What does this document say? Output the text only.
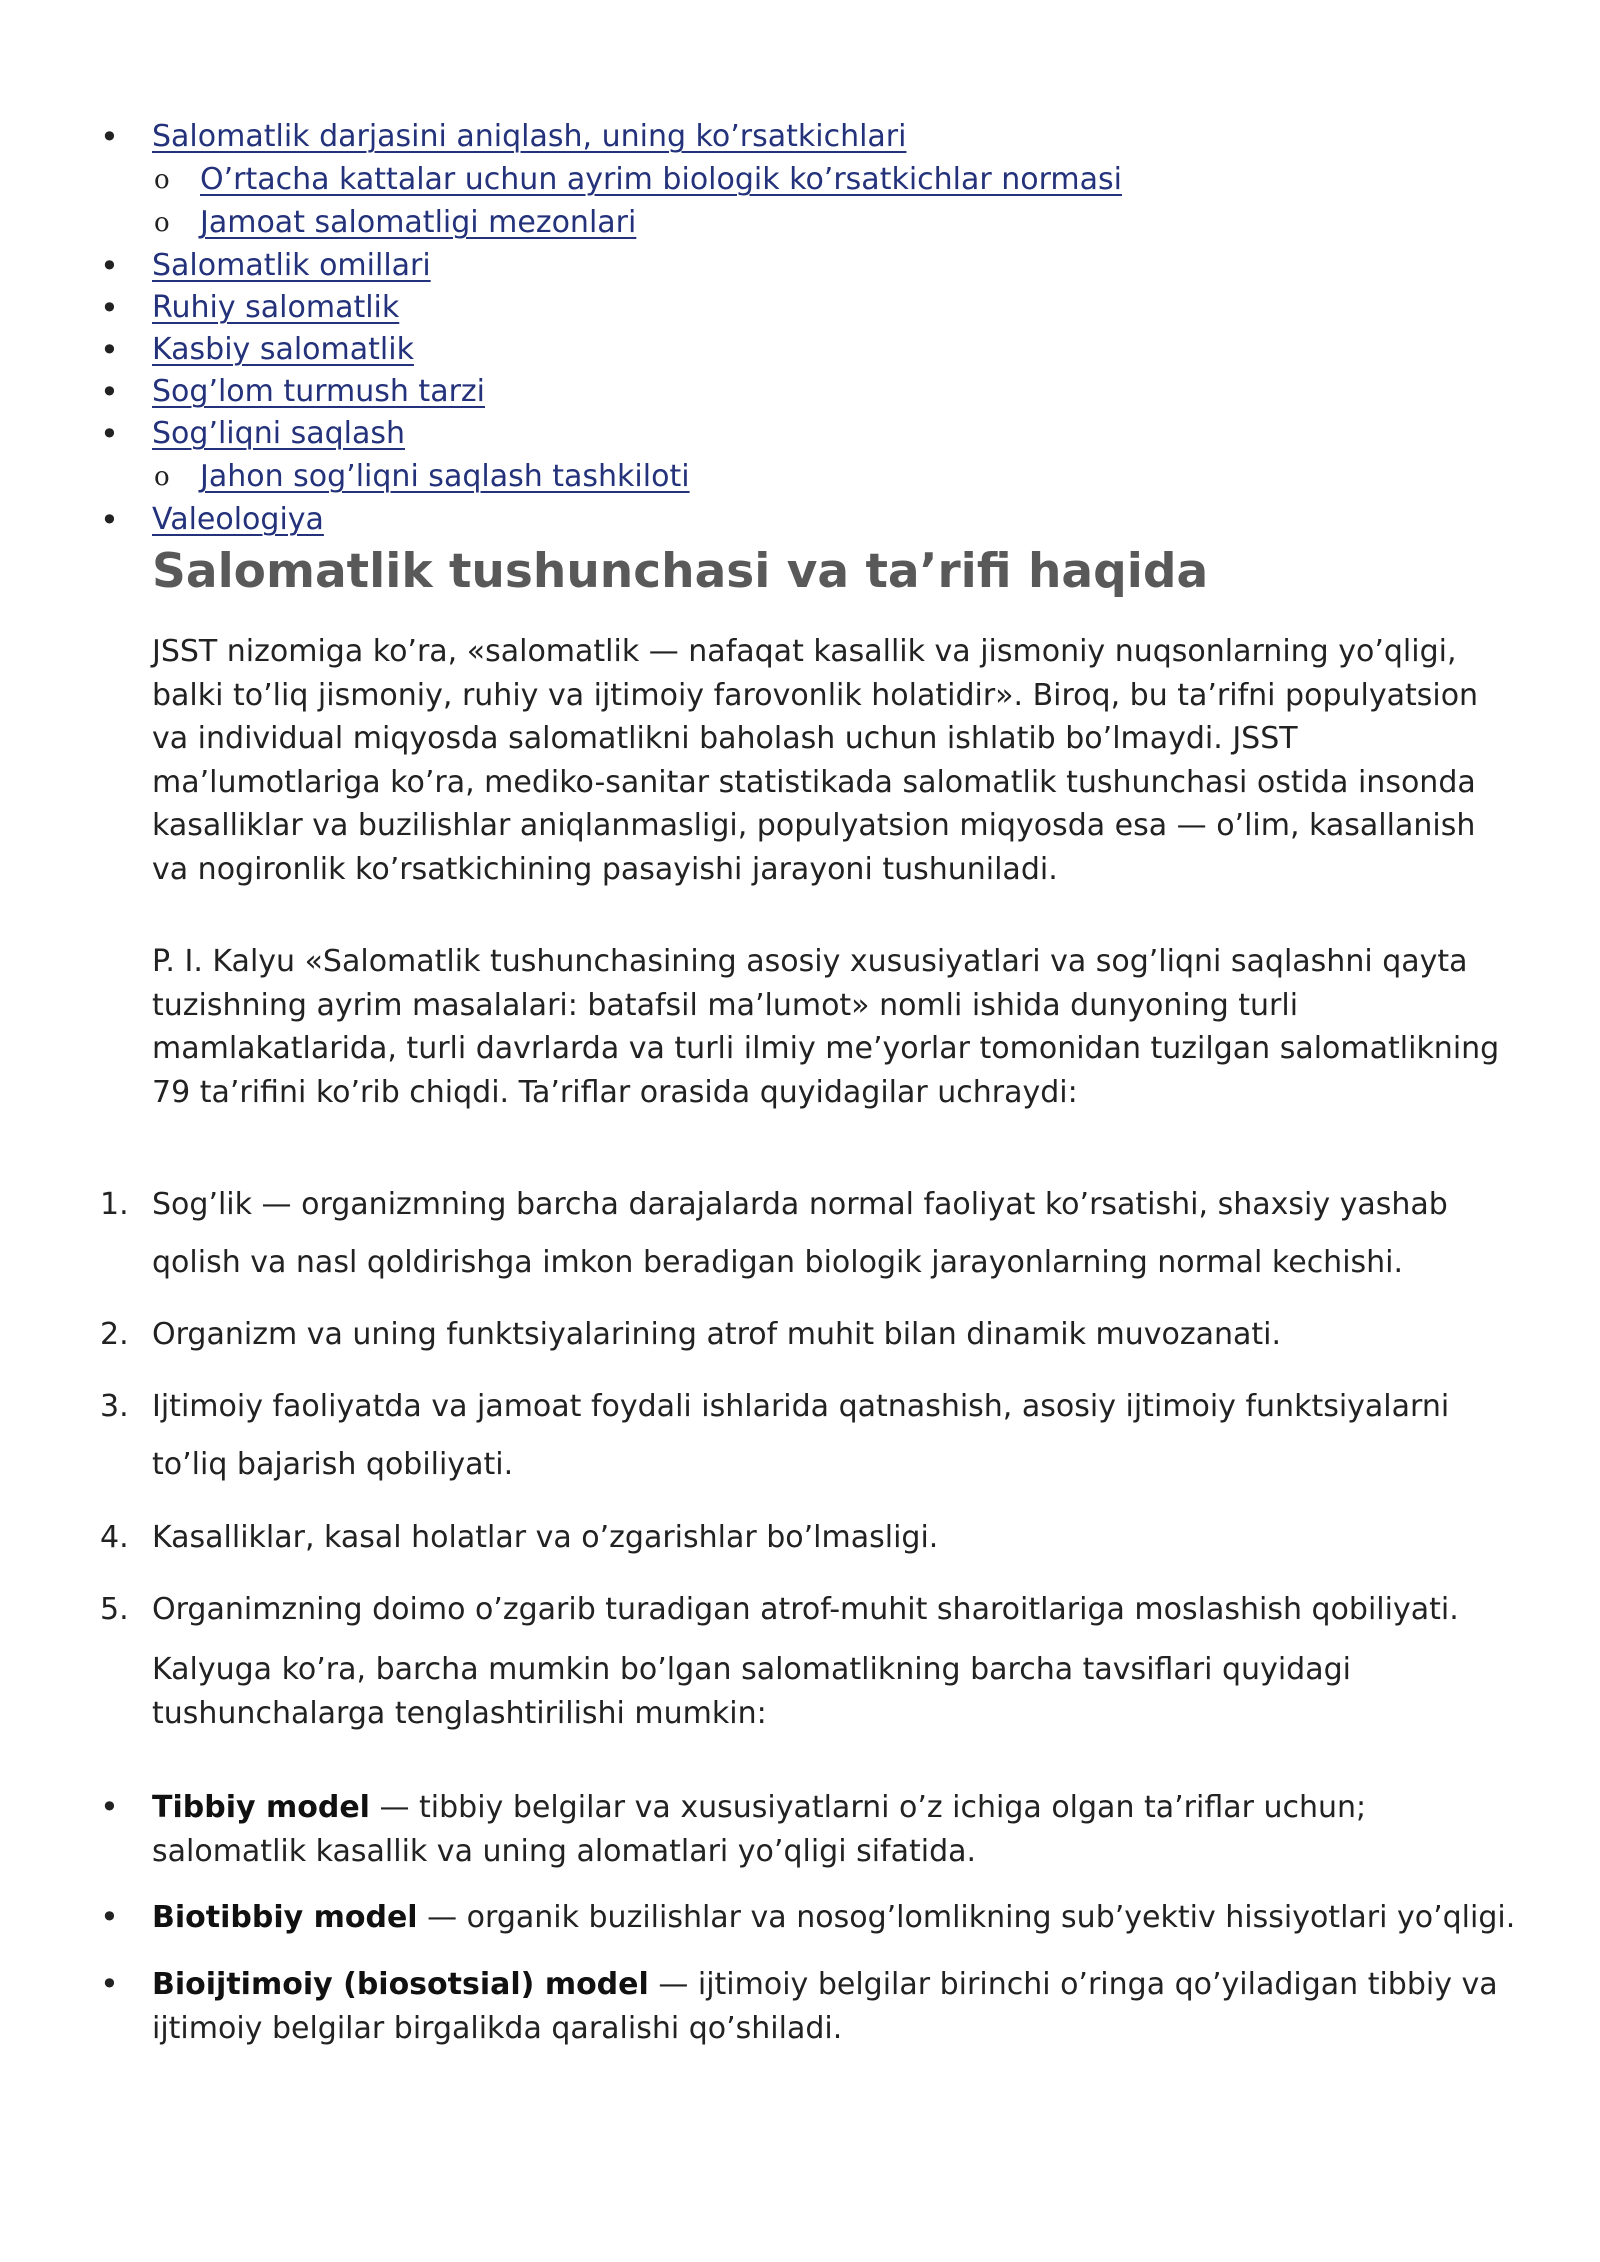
• Salomatlik darjasini aniqlash, uning ko’rsatkichlari
o O’rtacha kattalar uchun ayrim biologik ko’rsatkichlar normasi
o Jamoat salomatligi mezonlari
• Salomatlik omillari
• Ruhiy salomatlik
• Kasbiy salomatlik
• Sog’lom turmush tarzi
• Sog’liqni saqlash
o Jahon sog’liqni saqlash tashkiloti
• Valeologiya
Salomatlik tushunchasi va ta’rifi haqida

JSST nizomiga ko’ra, «salomatlik — nafaqat kasallik va jismoniy nuqsonlarning yo’qligi, balki to’liq jismoniy, ruhiy va ijtimoiy farovonlik holatidir». Biroq, bu ta’rifni populyatsion va individual miqyosda salomatlikni baholash uchun ishlatib bo’lmaydi. JSST ma’lumotlariga ko’ra, mediko-sanitar statistikada salomatlik tushunchasi ostida insonda kasalliklar va buzilishlar aniqlanmasligi, populyatsion miqyosda esa — o’lim, kasallanish va nogironlik ko’rsatkichining pasayishi jarayoni tushuniladi.

P. I. Kalyu «Salomatlik tushunchasining asosiy xususiyatlari va sog’liqni saqlashni qayta tuzishning ayrim masalalari: batafsil ma’lumot» nomli ishida dunyoning turli mamlakatlarida, turli davrlarda va turli ilmiy me’yorlar tomonidan tuzilgan salomatlikning 79 ta’rifini ko’rib chiqdi. Ta’riflar orasida quyidagilar uchraydi:

1. Sog’lik — organizmning barcha darajalarda normal faoliyat ko’rsatishi, shaxsiy yashab qolish va nasl qoldirishga imkon beradigan biologik jarayonlarning normal kechishi.
2. Organizm va uning funktsiyalarining atrof muhit bilan dinamik muvozanati.
3. Ijtimoiy faoliyatda va jamoat foydali ishlarida qatnashish, asosiy ijtimoiy funktsiyalarni to’liq bajarish qobiliyati.
4. Kasalliklar, kasal holatlar va o’zgarishlar bo’lmasligi.
5. Organimzning doimo o’zgarib turadigan atrof-muhit sharoitlariga moslashish qobiliyati.

Kalyuga ko’ra, barcha mumkin bo’lgan salomatlikning barcha tavsiflari quyidagi tushunchalarga tenglashtirilishi mumkin:

• Tibbiy model — tibbiy belgilar va xususiyatlarni o’z ichiga olgan ta’riflar uchun; salomatlik kasallik va uning alomatlari yo’qligi sifatida.
• Biotibbiy model — organik buzilishlar va nosog’lomlikning sub’yektiv hissiyotlari yo’qligi.
• Bioijtimoiy (biosotsial) model — ijtimoiy belgilar birinchi o’ringa qo’yiladigan tibbiy va ijtimoiy belgilar birgalikda qaralishi qo’shiladi.
